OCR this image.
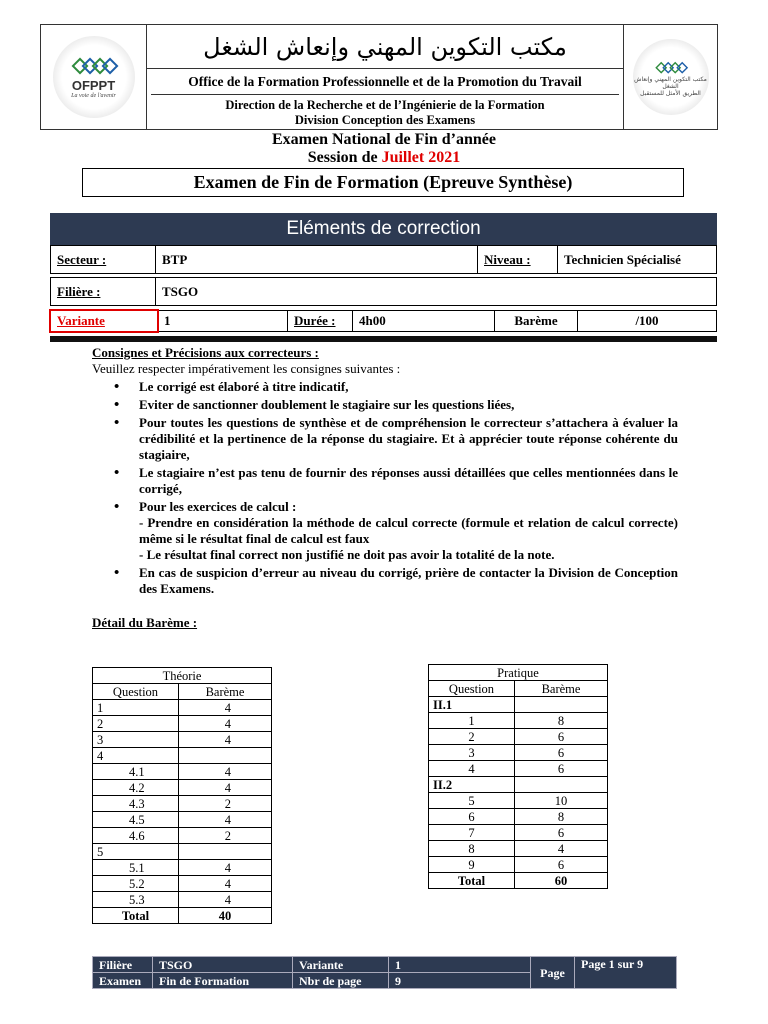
OFPPT
La voie de l'avenir
مكتب التكوين المهني وإنعاش الشغل
Office de la Formation Professionnelle et de la Promotion du Travail
Direction de la Recherche et de l’Ingénierie de la Formation
Division Conception des Examens
مكتب التكوين المهني وإنعاش الشغل
الطريق الأمثل للمستقبل
Examen National de Fin d’année
Session de Juillet 2021
Examen de Fin de Formation (Epreuve Synthèse)
Eléments de correction
Secteur :	BTP	Niveau :	Technicien Spécialisé
Filière :	TSGO
Variante	1	Durée :	4h00	Barème	/100
Consignes et Précisions aux correcteurs :
Veuillez respecter impérativement les consignes suivantes :
• Le corrigé est élaboré à titre indicatif,
• Eviter de sanctionner doublement le stagiaire sur les questions liées,
• Pour toutes les questions de synthèse et de compréhension le correcteur s’attachera à évaluer la crédibilité et la pertinence de la réponse du stagiaire. Et à apprécier toute réponse cohérente du stagiaire,
• Le stagiaire n’est pas tenu de fournir des réponses aussi détaillées que celles mentionnées dans le corrigé,
• Pour les exercices de calcul :
- Prendre en considération la méthode de calcul correcte (formule et relation de calcul correcte) même si le résultat final de calcul est faux
- Le résultat final correct non justifié ne doit pas avoir la totalité de la note.
• En cas de suspicion d’erreur au niveau du corrigé, prière de contacter la Division de Conception des Examens.
Détail du Barème :
Théorie	
Question	Barème
1	4
2	4
3	4
4	
4.1	4
4.2	4
4.3	2
4.5	4
4.6	2
5	
5.1	4
5.2	4
5.3	4
Total	40
Pratique	
Question	Barème
II.1	
1	8
2	6
3	6
4	6
II.2	
5	10
6	8
7	6
8	4
9	6
Total	60
Filière	TSGO	Variante	1	Page	Page 1 sur 9
Examen	Fin de Formation	Nbr de page	9		
